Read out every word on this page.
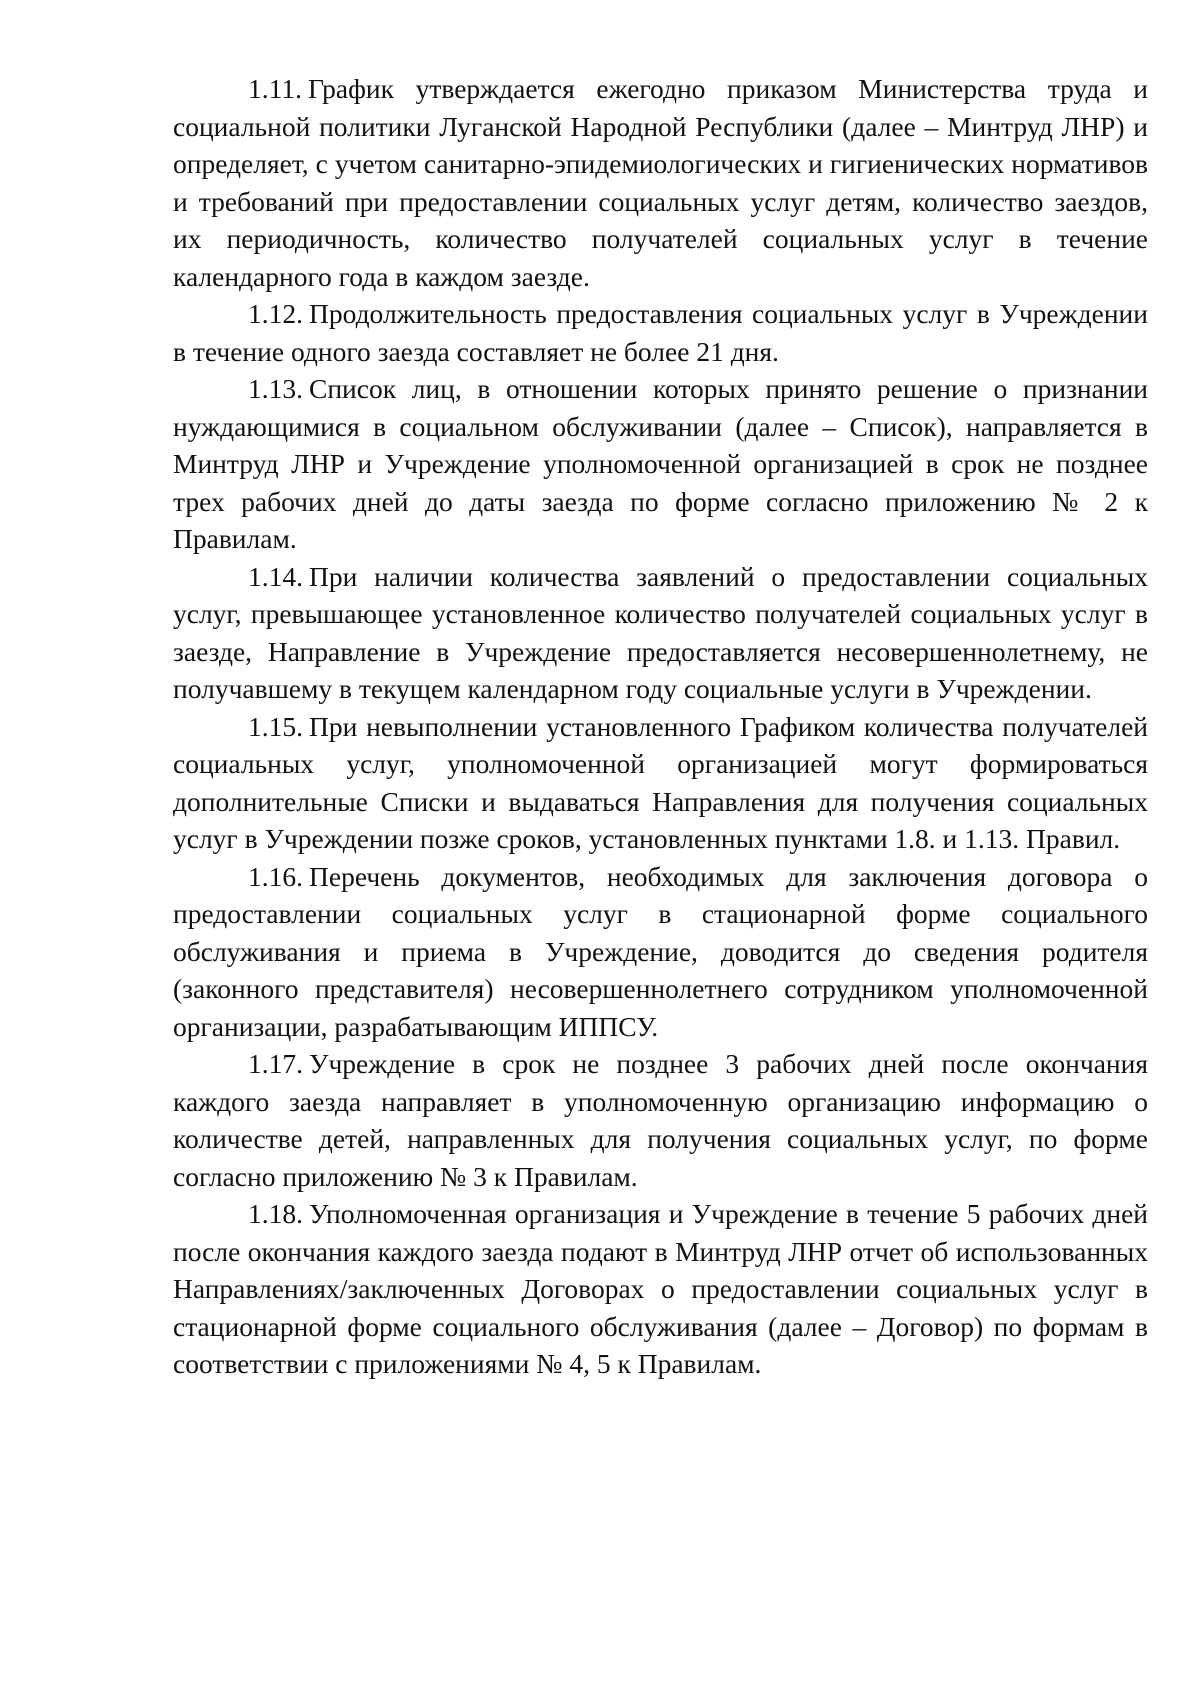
1.11. График утверждается ежегодно приказом Министерства труда и социальной политики Луганской Народной Республики (далее – Минтруд ЛНР) и определяет, с учетом санитарно-эпидемиологических и гигиенических нормативов и требований при предоставлении социальных услуг детям, количество заездов, их периодичность, количество получателей социальных услуг в течение календарного года в каждом заезде.

1.12. Продолжительность предоставления социальных услуг в Учреждении в течение одного заезда составляет не более 21 дня.

1.13. Список лиц, в отношении которых принято решение о признании нуждающимися в социальном обслуживании (далее – Список), направляется в Минтруд ЛНР и Учреждение уполномоченной организацией в срок не позднее трех рабочих дней до даты заезда по форме согласно приложению № 2 к Правилам.

1.14. При наличии количества заявлений о предоставлении социальных услуг, превышающее установленное количество получателей социальных услуг в заезде, Направление в Учреждение предоставляется несовершеннолетнему, не получавшему в текущем календарном году социальные услуги в Учреждении.

1.15. При невыполнении установленного Графиком количества получателей социальных услуг, уполномоченной организацией могут формироваться дополнительные Списки и выдаваться Направления для получения социальных услуг в Учреждении позже сроков, установленных пунктами 1.8. и 1.13. Правил.

1.16. Перечень документов, необходимых для заключения договора о предоставлении социальных услуг в стационарной форме социального обслуживания и приема в Учреждение, доводится до сведения родителя (законного представителя) несовершеннолетнего сотрудником уполномоченной организации, разрабатывающим ИППСУ.

1.17. Учреждение в срок не позднее 3 рабочих дней после окончания каждого заезда направляет в уполномоченную организацию информацию о количестве детей, направленных для получения социальных услуг, по форме согласно приложению № 3 к Правилам.

1.18. Уполномоченная организация и Учреждение в течение 5 рабочих дней после окончания каждого заезда подают в Минтруд ЛНР отчет об использованных Направлениях/заключенных Договорах о предоставлении социальных услуг в стационарной форме социального обслуживания (далее – Договор) по формам в соответствии с приложениями № 4, 5 к Правилам.
